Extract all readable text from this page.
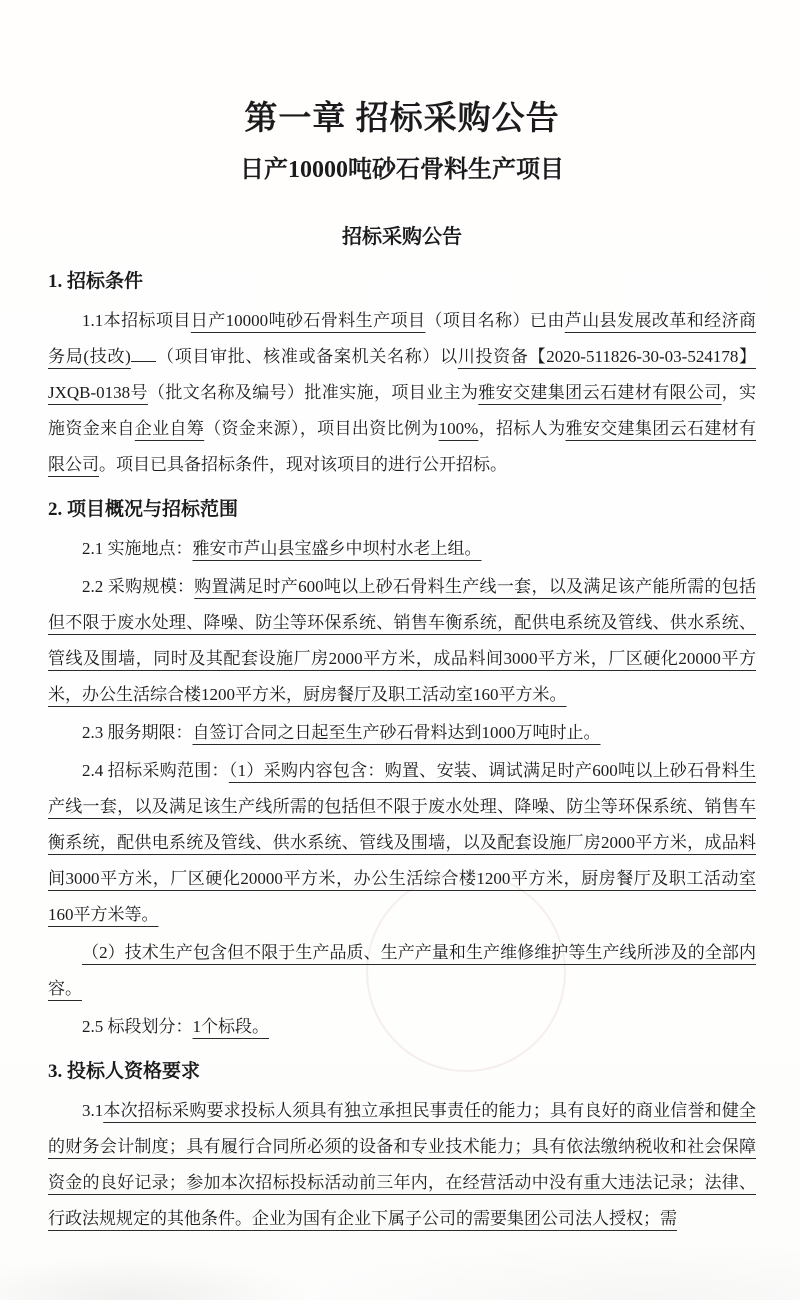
第一章 招标采购公告
日产10000吨砂石骨料生产项目
招标采购公告
1. 招标条件

1.1本招标项目日产10000吨砂石骨料生产项目（项目名称）已由芦山县发展改革和经济商务局(技改) （项目审批、核准或备案机关名称）以川投资备【2020-511826-30-03-524178】JXQB-0138号（批文名称及编号）批准实施，项目业主为雅安交建集团云石建材有限公司，实施资金来自企业自筹（资金来源），项目出资比例为100%，招标人为雅安交建集团云石建材有限公司。项目已具备招标条件，现对该项目的进行公开招标。

2. 项目概况与招标范围

2.1 实施地点：雅安市芦山县宝盛乡中坝村水老上组。

2.2 采购规模：购置满足时产600吨以上砂石骨料生产线一套，以及满足该产能所需的包括但不限于废水处理、降噪、防尘等环保系统、销售车衡系统，配供电系统及管线、供水系统、管线及围墙，同时及其配套设施厂房2000平方米，成品料间3000平方米，厂区硬化20000平方米，办公生活综合楼1200平方米，厨房餐厅及职工活动室160平方米。

2.3 服务期限：自签订合同之日起至生产砂石骨料达到1000万吨时止。

2.4 招标采购范围：（1）采购内容包含：购置、安装、调试满足时产600吨以上砂石骨料生产线一套，以及满足该生产线所需的包括但不限于废水处理、降噪、防尘等环保系统、销售车衡系统，配供电系统及管线、供水系统、管线及围墙，以及配套设施厂房2000平方米，成品料间3000平方米，厂区硬化20000平方米，办公生活综合楼1200平方米，厨房餐厅及职工活动室160平方米等。

（2）技术生产包含但不限于生产品质、生产产量和生产维修维护等生产线所涉及的全部内容。

2.5 标段划分：1个标段。

3. 投标人资格要求

3.1本次招标采购要求投标人须具有独立承担民事责任的能力；具有良好的商业信誉和健全的财务会计制度；具有履行合同所必须的设备和专业技术能力；具有依法缴纳税收和社会保障资金的良好记录；参加本次招标投标活动前三年内，在经营活动中没有重大违法记录；法律、行政法规规定的其他条件。企业为国有企业下属子公司的需要集团公司法人授权；需
